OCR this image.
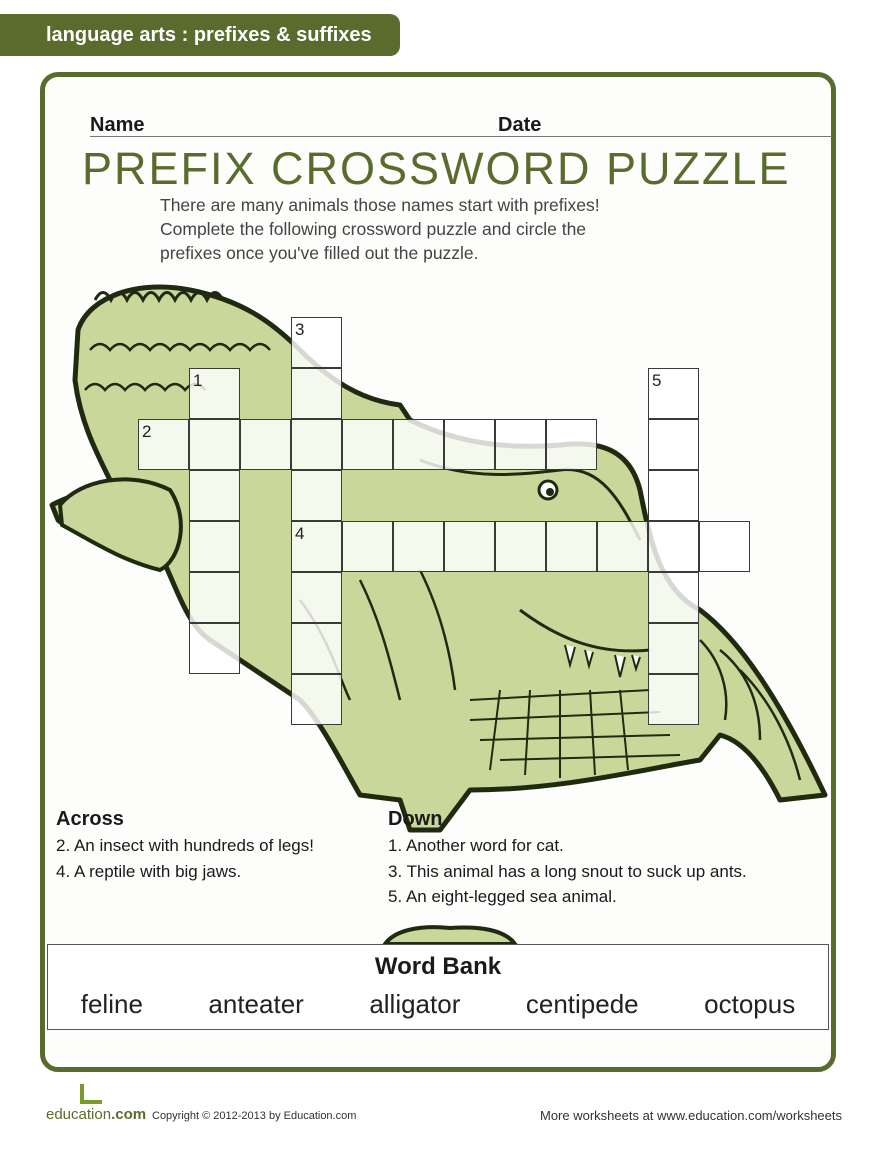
language arts : prefixes & suffixes
Name	Date
PREFIX CROSSWORD PUZZLE

There are many animals those names start with prefixes!
Complete the following crossword puzzle and circle the
prefixes once you've filled out the puzzle.

3
1
2
4
5
Across
2. An insect with hundreds of legs!
4. A reptile with big jaws.
Down
1. Another word for cat.
3. This animal has a long snout to suck up ants.
5. An eight-legged sea animal.
Word Bank
feline	anteater	alligator	centipede	octopus
education.com Copyright © 2012-2013 by Education.com	More worksheets at www.education.com/worksheets
